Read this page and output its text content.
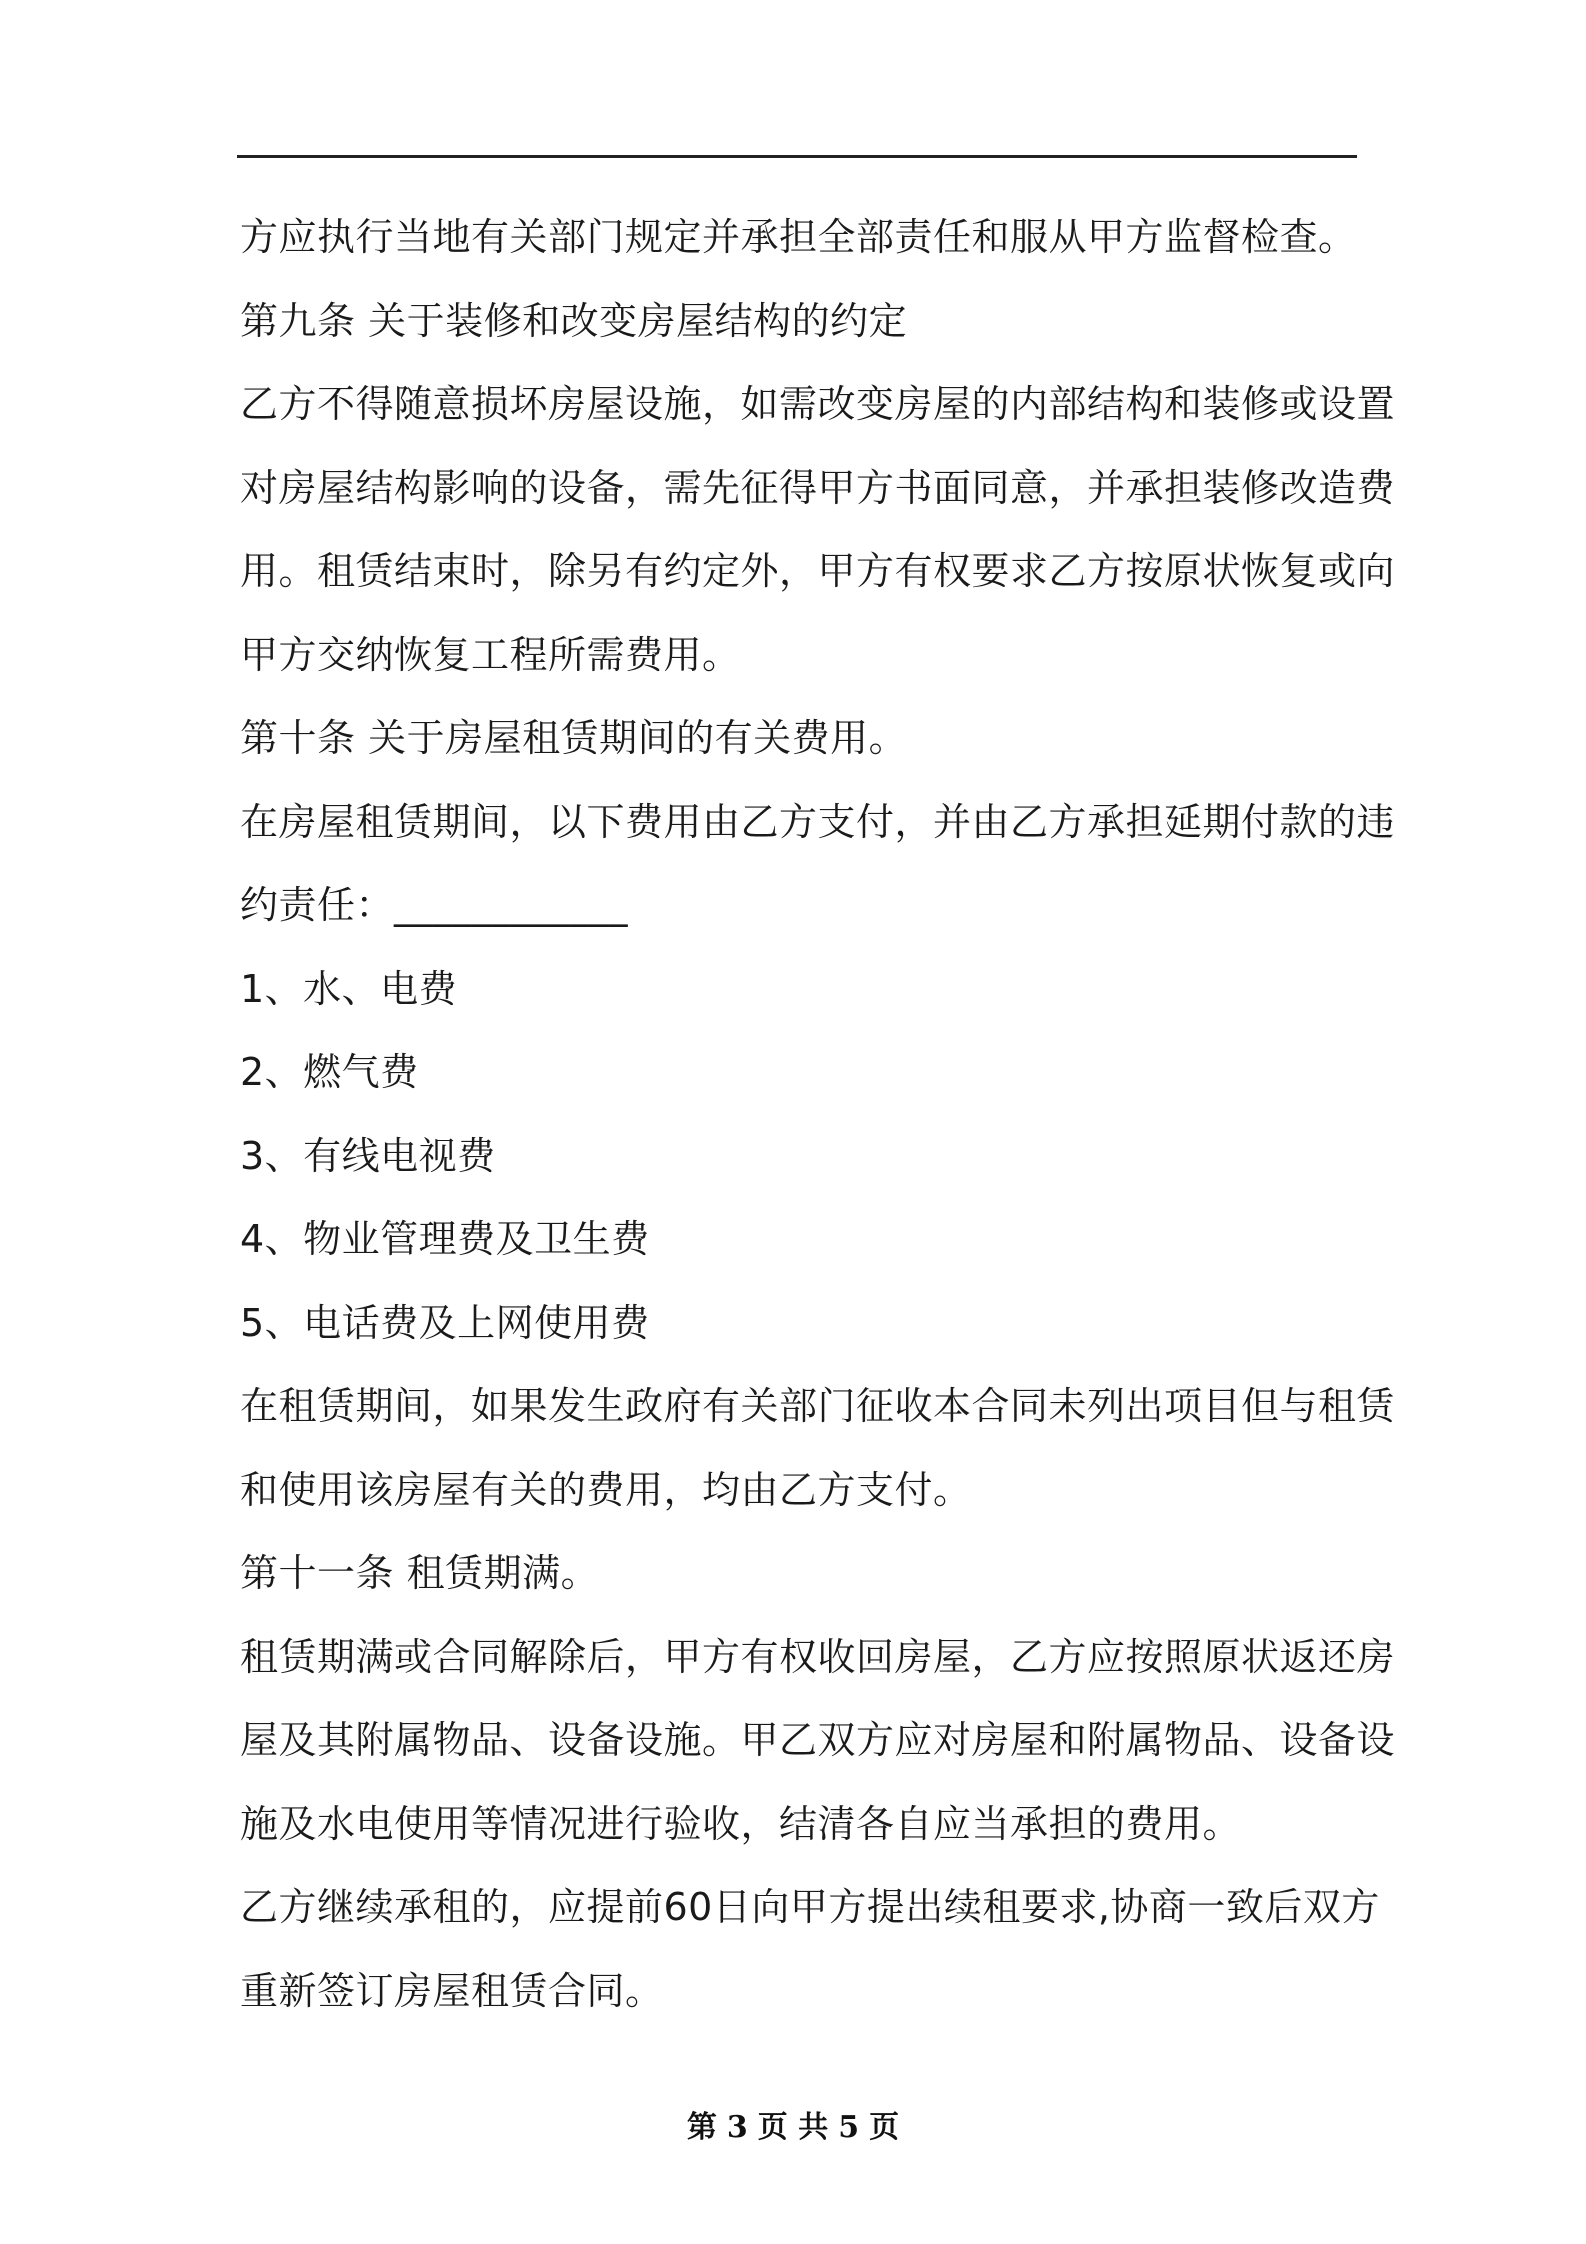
方应执行当地有关部门规定并承担全部责任和服从甲方监督检查。
第九条 关于装修和改变房屋结构的约定
乙方不得随意损坏房屋设施，如需改变房屋的内部结构和装修或设置
对房屋结构影响的设备，需先征得甲方书面同意，并承担装修改造费
用。租赁结束时，除另有约定外，甲方有权要求乙方按原状恢复或向
甲方交纳恢复工程所需费用。
第十条 关于房屋租赁期间的有关费用。
在房屋租赁期间，以下费用由乙方支付，并由乙方承担延期付款的违
约责任：____________
1、水、电费
2、燃气费
3、有线电视费
4、物业管理费及卫生费
5、电话费及上网使用费
在租赁期间，如果发生政府有关部门征收本合同未列出项目但与租赁
和使用该房屋有关的费用，均由乙方支付。
第十一条 租赁期满。
租赁期满或合同解除后，甲方有权收回房屋，乙方应按照原状返还房
屋及其附属物品、设备设施。甲乙双方应对房屋和附属物品、设备设
施及水电使用等情况进行验收，结清各自应当承担的费用。
乙方继续承租的，应提前60日向甲方提出续租要求,协商一致后双方
重新签订房屋租赁合同。
第 3 页 共 5 页
